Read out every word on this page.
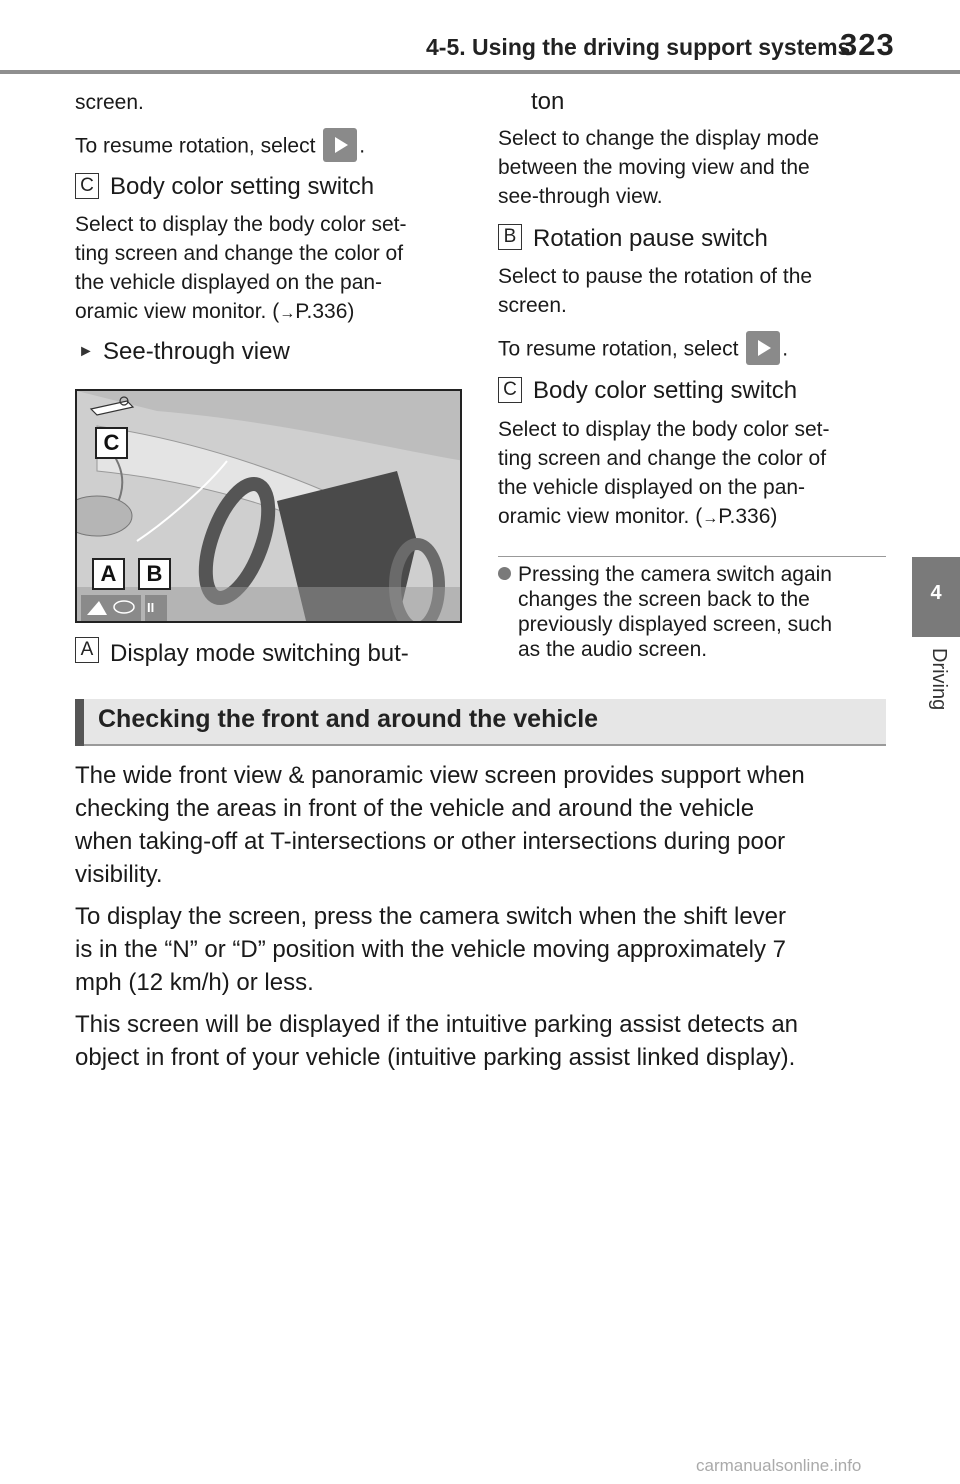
4-5. Using the driving support systems
323
4
Driving
screen.
To resume rotation, select .
C Body color setting switch
Select to display the body color set-
ting screen and change the color of
the vehicle displayed on the pan-
oramic view monitor. (→P.336)
► See-through view
C
A	B
II
A Display mode switching but-
ton
Select to change the display mode
between the moving view and the
see-through view.
B Rotation pause switch
Select to pause the rotation of the
screen.
To resume rotation, select .
C Body color setting switch
Select to display the body color set-
ting screen and change the color of
the vehicle displayed on the pan-
oramic view monitor. (→P.336)
Pressing the camera switch again
changes the screen back to the
previously displayed screen, such
as the audio screen.
Checking the front and around the vehicle
The wide front view & panoramic view screen provides support when
checking the areas in front of the vehicle and around the vehicle
when taking-off at T-intersections or other intersections during poor
visibility.
To display the screen, press the camera switch when the shift lever
is in the “N” or “D” position with the vehicle moving approximately 7
mph (12 km/h) or less.
This screen will be displayed if the intuitive parking assist detects an
object in front of your vehicle (intuitive parking assist linked display).
carmanualsonline.info
